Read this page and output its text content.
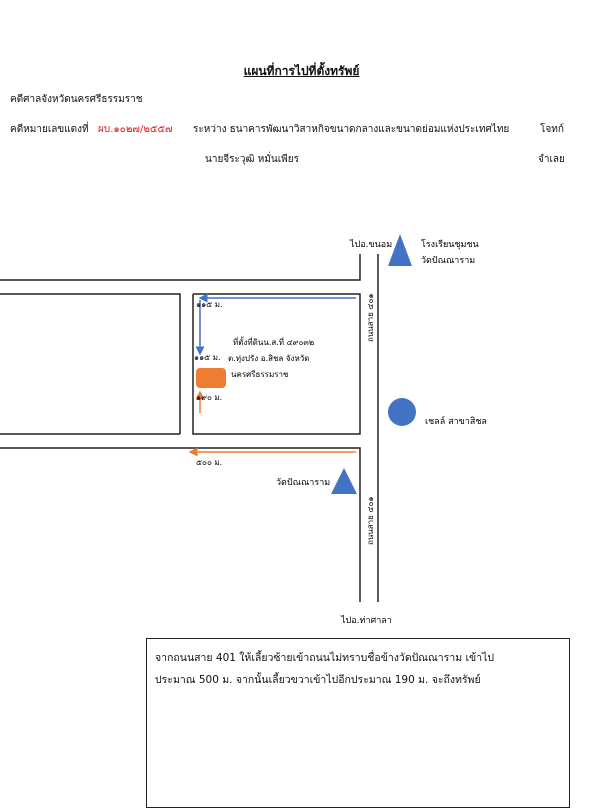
แผนที่การไปที่ตั้งทรัพย์
คดีศาลจังหวัดนครศรีธรรมราช
คดีหมายเลขแดงที่ ผบ.๑๐๒๗/๒๕๕๗ ระหว่าง ธนาคารพัฒนาวิสาหกิจขนาดกลางและขนาดย่อมแห่งประเทศไทย	โจทก์
นายจีระวุฒิ หมั่นเพียร	จำเลย
ไปอ.ขนอม	โรงเรียนชุมชน
วัดปัณณาราม
เชลล์ สาขาสิชล
วัดปัณณาราม
ไปอ.ท่าศาลา
ถนนสาย ๔๐๑
ถนนสาย ๔๐๑
๑๑๕ ม.
๑๑๕ ม.
๑๙๐ ม.
๕๐๐ ม.
ที่ตั้งที่ดินน.ส.ที่ ๔๙๐๓๒
ต.ทุ่งปรัง อ.สิชล จังหวัด
นครศรีธรรมราช
จากถนนสาย 401 ให้เลี้ยวซ้ายเข้าถนนไม่ทราบชื่อข้างวัดปัณณาราม เข้าไป
ประมาณ 500 ม. จากนั้นเลี้ยวขวาเข้าไปอีกประมาณ 190 ม. จะถึงทรัพย์
